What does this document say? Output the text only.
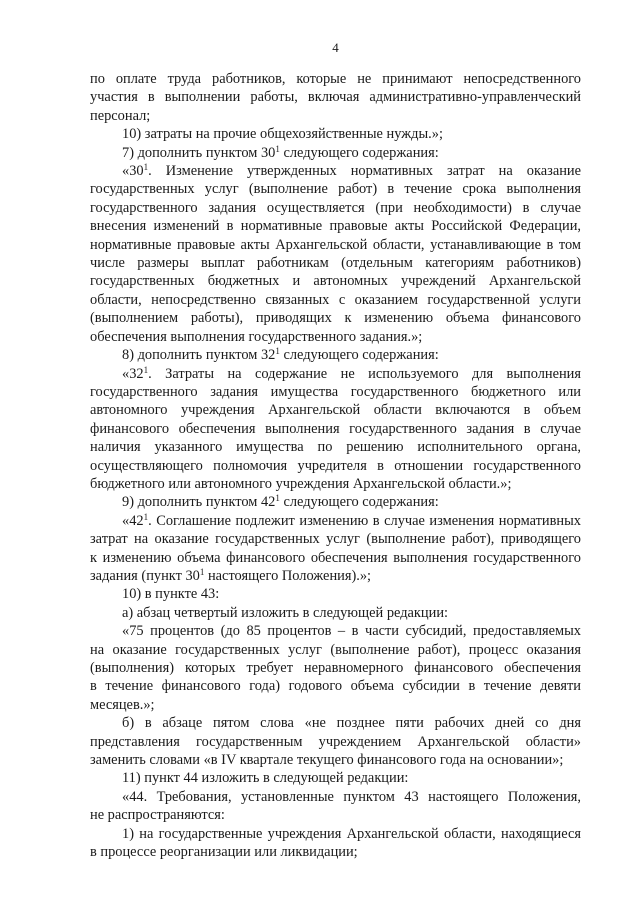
4
по оплате труда работников, которые не принимают непосредственного
участия в выполнении работы, включая административно-управленческий
персонал;
10) затраты на прочие общехозяйственные нужды.»;
7) дополнить пунктом $30^1$ следующего содержания:
«$30^1$. Изменение утвержденных нормативных затрат на оказание
государственных услуг (выполнение работ) в течение срока выполнения
государственного задания осуществляется (при необходимости) в случае
внесения изменений в нормативные правовые акты Российской Федерации,
нормативные правовые акты Архангельской области, устанавливающие в том
числе размеры выплат работникам (отдельным категориям работников)
государственных бюджетных и автономных учреждений Архангельской
области, непосредственно связанных с оказанием государственной услуги
(выполнением работы), приводящих к изменению объема финансового
обеспечения выполнения государственного задания.»;
8) дополнить пунктом $32^1$ следующего содержания:
«$32^1$. Затраты на содержание не используемого для выполнения
государственного задания имущества государственного бюджетного или
автономного учреждения Архангельской области включаются в объем
финансового обеспечения выполнения государственного задания в случае
наличия указанного имущества по решению исполнительного органа,
осуществляющего полномочия учредителя в отношении государственного
бюджетного или автономного учреждения Архангельской области.»;
9) дополнить пунктом $42^1$ следующего содержания:
«$42^1$. Соглашение подлежит изменению в случае изменения нормативных
затрат на оказание государственных услуг (выполнение работ), приводящего
к изменению объема финансового обеспечения выполнения государственного
задания (пункт $30^1$ настоящего Положения).»;
10) в пункте 43:
а) абзац четвертый изложить в следующей редакции:
«75 процентов (до 85 процентов – в части субсидий, предоставляемых
на оказание государственных услуг (выполнение работ), процесс оказания
(выполнения) которых требует неравномерного финансового обеспечения
в течение финансового года) годового объема субсидии в течение девяти
месяцев.»;
б) в абзаце пятом слова «не позднее пяти рабочих дней со дня
представления государственным учреждением Архангельской области»
заменить словами «в IV квартале текущего финансового года на основании»;
11) пункт 44 изложить в следующей редакции:
«44. Требования, установленные пунктом 43 настоящего Положения,
не распространяются:
1) на государственные учреждения Архангельской области, находящиеся
в процессе реорганизации или ликвидации;
